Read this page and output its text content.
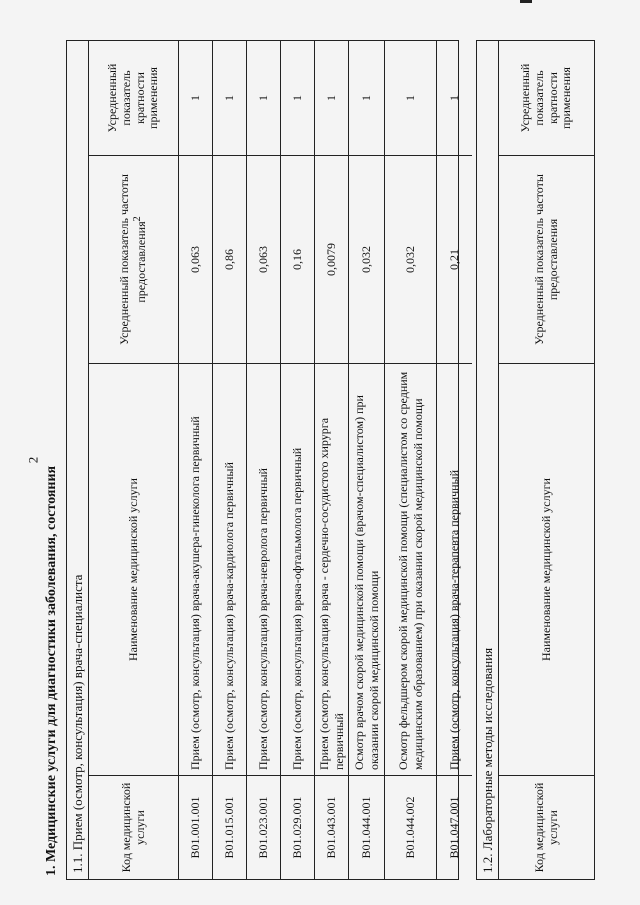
2
1. Медицинские услуги для диагностики заболевания, состояния 1.1. Прием (осмотр, консультация) врача-специалиста	Код медицинской услуги
Наименование медицинской услуги
Усредненный показатель частоты предоставления$^2$
Усредненный показатель кратности применения
B01.001.001
Прием (осмотр, консультация) врача-акушера-гинеколога первичный
0,063
1
B01.015.001
Прием (осмотр, консультация) врача-кардиолога первичный
0,86
1
B01.023.001
Прием (осмотр, консультация) врача-невролога первичный
0,063
1
B01.029.001
Прием (осмотр, консультация) врача-офтальмолога первичный
0,16
1
B01.043.001
Прием (осмотр, консультация) врача - сердечно-сосудистого хирурга первичный
0,0079
1
B01.044.001
Осмотр врачом скорой медицинской помощи (врачом-специалистом) при оказании скорой медицинской помощи
0,032
1
B01.044.002
Осмотр фельдшером скорой медицинской помощи (специалистом со средним медицинским образованием) при оказании скорой медицинской помощи
0,032
1
B01.047.001
Прием (осмотр, консультация) врача-терапевта первичный
0,21
1
1.2. Лабораторные методы исследования	Код медицинской услуги
Наименование медицинской услуги
Усредненный показатель частоты предоставления
Усредненный показатель кратности применения
